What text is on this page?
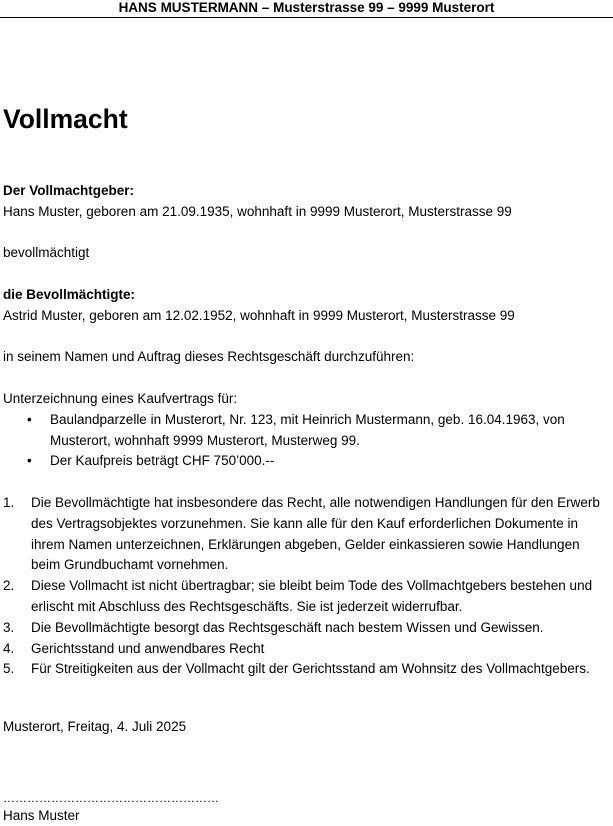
HANS MUSTERMANN – Musterstrasse 99 – 9999 Musterort
Vollmacht
Der Vollmachtgeber:
Hans Muster, geboren am 21.09.1935, wohnhaft in 9999 Musterort, Musterstrasse 99
bevollmächtigt
die Bevollmächtigte:
Astrid Muster, geboren am 12.02.1952, wohnhaft in 9999 Musterort, Musterstrasse 99
in seinem Namen und Auftrag dieses Rechtsgeschäft durchzuführen:
Unterzeichnung eines Kaufvertrags für:
• Baulandparzelle in Musterort, Nr. 123, mit Heinrich Mustermann, geb. 16.04.1963, von Musterort, wohnhaft 9999 Musterort, Musterweg 99.
• Der Kaufpreis beträgt CHF 750’000.--
1. Die Bevollmächtigte hat insbesondere das Recht, alle notwendigen Handlungen für den Erwerb des Vertragsobjektes vorzunehmen. Sie kann alle für den Kauf erforderlichen Dokumente in ihrem Namen unterzeichnen, Erklärungen abgeben, Gelder einkassieren sowie Handlungen beim Grundbuchamt vornehmen.
2. Diese Vollmacht ist nicht übertragbar; sie bleibt beim Tode des Vollmachtgebers bestehen und erlischt mit Abschluss des Rechtsgeschäfts. Sie ist jederzeit widerrufbar.
3. Die Bevollmächtigte besorgt das Rechtsgeschäft nach bestem Wissen und Gewissen.
4. Gerichtsstand und anwendbares Recht
5. Für Streitigkeiten aus der Vollmacht gilt der Gerichtsstand am Wohnsitz des Vollmachtgebers.
Musterort, Freitag, 4. Juli 2025
………………………………………………
Hans Muster
